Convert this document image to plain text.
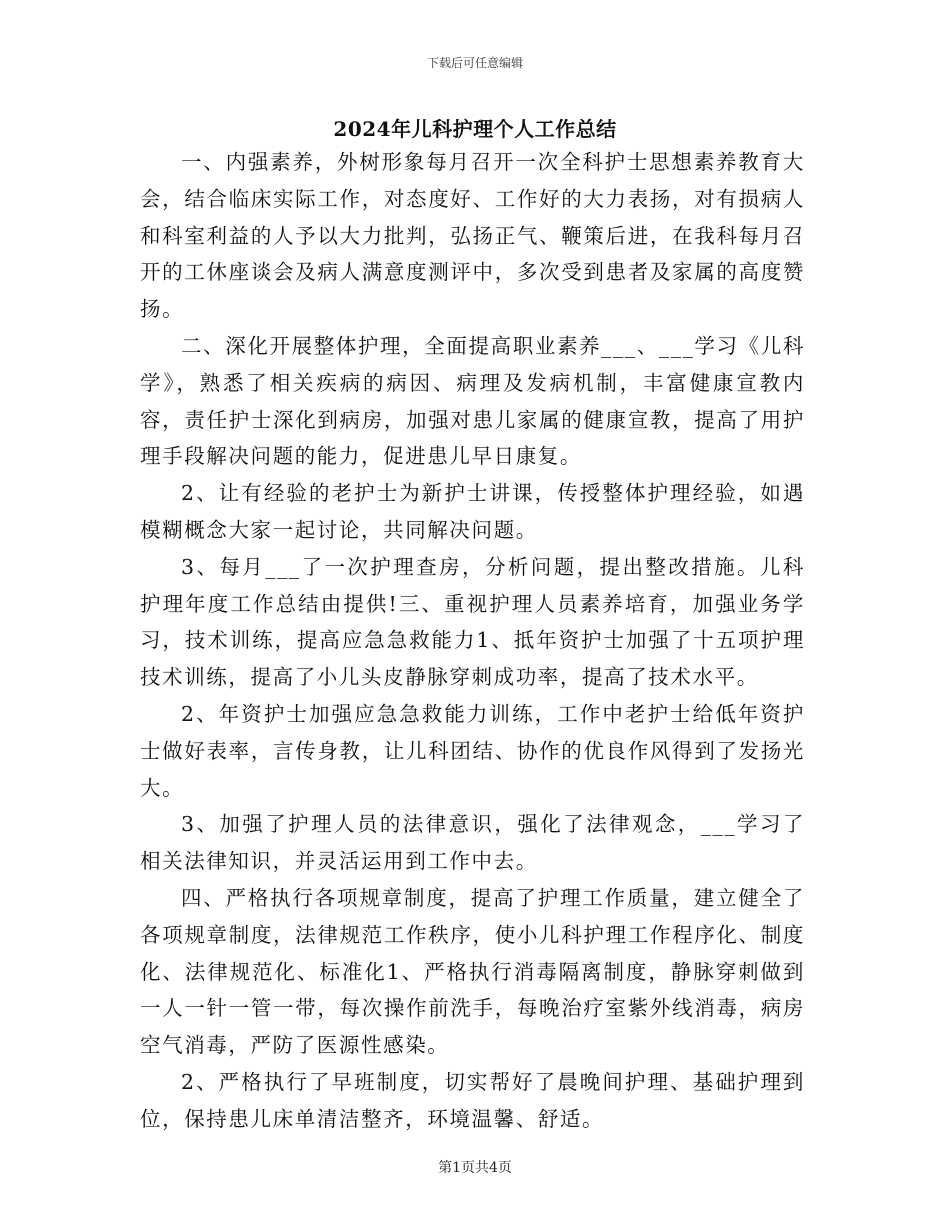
下载后可任意编辑
2024年儿科护理个人工作总结

一、内强素养，外树形象每月召开一次全科护士思想素养教育大会，结合临床实际工作，对态度好、工作好的大力表扬，对有损病人和科室利益的人予以大力批判，弘扬正气、鞭策后进，在我科每月召开的工休座谈会及病人满意度测评中，多次受到患者及家属的高度赞扬。

二、深化开展整体护理，全面提高职业素养___、___学习《儿科学》，熟悉了相关疾病的病因、病理及发病机制，丰富健康宣教内容，责任护士深化到病房，加强对患儿家属的健康宣教，提高了用护理手段解决问题的能力，促进患儿早日康复。

2、让有经验的老护士为新护士讲课，传授整体护理经验，如遇模糊概念大家一起讨论，共同解决问题。

3、每月___了一次护理查房，分析问题，提出整改措施。儿科护理年度工作总结由提供!三、重视护理人员素养培育，加强业务学习，技术训练，提高应急急救能力1、抵年资护士加强了十五项护理技术训练，提高了小儿头皮静脉穿刺成功率，提高了技术水平。

2、年资护士加强应急急救能力训练，工作中老护士给低年资护士做好表率，言传身教，让儿科团结、协作的优良作风得到了发扬光大。

3、加强了护理人员的法律意识，强化了法律观念，___学习了相关法律知识，并灵活运用到工作中去。

四、严格执行各项规章制度，提高了护理工作质量，建立健全了各项规章制度，法律规范工作秩序，使小儿科护理工作程序化、制度化、法律规范化、标准化1、严格执行消毒隔离制度，静脉穿刺做到一人一针一管一带，每次操作前洗手，每晚治疗室紫外线消毒，病房空气消毒，严防了医源性感染。

2、严格执行了早班制度，切实帮好了晨晚间护理、基础护理到位，保持患儿床单清洁整齐，环境温馨、舒适。

第1页共4页
